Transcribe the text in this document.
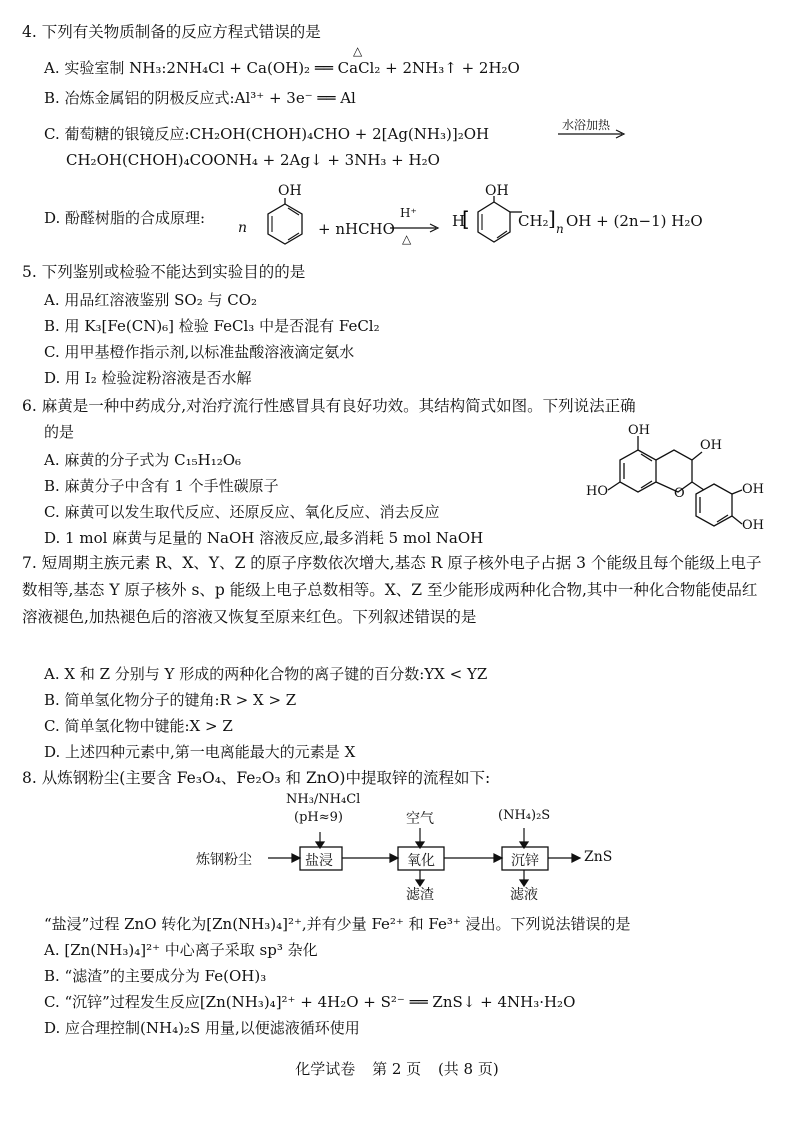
4. 下列有关物质制备的反应方程式错误的是
A. 实验室制 NH₃:2NH₄Cl + Ca(OH)₂ ══ CaCl₂ + 2NH₃↑ + 2H₂O
△
B. 冶炼金属铝的阴极反应式:Al³⁺ + 3e⁻ ══ Al
C. 葡萄糖的银镜反应:CH₂OH(CHOH)₄CHO + 2[Ag(NH₃)]₂OH	水浴加热
CH₂OH(CHOH)₄COONH₄ + 2Ag↓ + 3NH₃ + H₂O
D. 酚醛树脂的合成原理:
n
OH
+ nHCHO
H⁺
△
H
OH
[	CH₂ ] n OH + (2n−1) H₂O
5. 下列鉴别或检验不能达到实验目的的是
A. 用品红溶液鉴别 SO₂ 与 CO₂
B. 用 K₃[Fe(CN)₆] 检验 FeCl₃ 中是否混有 FeCl₂
C. 用甲基橙作指示剂,以标准盐酸溶液滴定氨水
D. 用 I₂ 检验淀粉溶液是否水解
6. 麻黄是一种中药成分,对治疗流行性感冒具有良好功效。其结构简式如图。下列说法正确
的是
A. 麻黄的分子式为 C₁₅H₁₂O₆
B. 麻黄分子中含有 1 个手性碳原子
C. 麻黄可以发生取代反应、还原反应、氧化反应、消去反应
D. 1 mol 麻黄与足量的 NaOH 溶液反应,最多消耗 5 mol NaOH
OH
OH
HO	O	OH
OH
7. 短周期主族元素 R、X、Y、Z 的原子序数依次增大,基态 R 原子核外电子占据 3 个能级且每个能级上电子数相等,基态 Y 原子核外 s、p 能级上电子总数相等。X、Z 至少能形成两种化合物,其中一种化合物能使品红溶液褪色,加热褪色后的溶液又恢复至原来红色。下列叙述错误的是
A. X 和 Z 分别与 Y 形成的两种化合物的离子键的百分数:YX < YZ
B. 简单氢化物分子的键角:R > X > Z
C. 简单氢化物中键能:X > Z
D. 上述四种元素中,第一电离能最大的元素是 X
8. 从炼钢粉尘(主要含 Fe₃O₄、Fe₂O₃ 和 ZnO)中提取锌的流程如下:
炼钢粉尘
NH₃/NH₄Cl
(pH≈9)
盐浸
空气
氧化
滤渣
(NH₄)₂S
沉锌
滤液
ZnS
“盐浸”过程 ZnO 转化为[Zn(NH₃)₄]²⁺,并有少量 Fe²⁺ 和 Fe³⁺ 浸出。下列说法错误的是
A. [Zn(NH₃)₄]²⁺ 中心离子采取 sp³ 杂化
B. “滤渣”的主要成分为 Fe(OH)₃
C. “沉锌”过程发生反应[Zn(NH₃)₄]²⁺ + 4H₂O + S²⁻ ══ ZnS↓ + 4NH₃·H₂O
D. 应合理控制(NH₄)₂S 用量,以便滤液循环使用
化学试卷 第 2 页 (共 8 页)
